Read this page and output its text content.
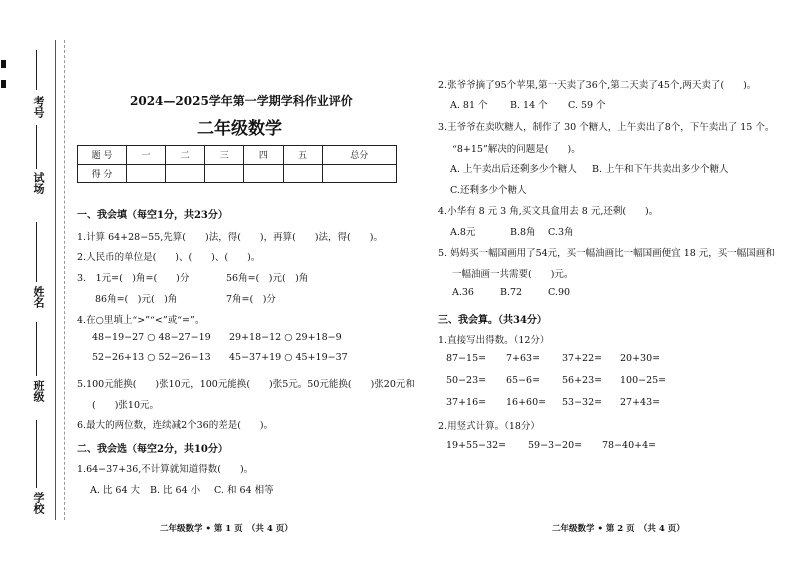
考号
试场
姓名
班级
学校
2024—2025学年第一学期学科作业评价
二年级数学
题 号	一	二	三	四	五	总分
得 分						
一、我会填（每空1分，共23分）
1.计算 64+28−55,先算(　　)法，得(　　)，再算(　　)法，得(　　)。
2.人民币的单位是(　　)、(　　)、(　　)。
3.　1元=(　)角=(　　)分	56角=(　)元(　)角
86角=(　)元(　)角	7角=(　)分
4.在○里填上“>”“<”或“=”。
48−19−27 ○ 48−27−19 29+18−12 ○ 29+18−9
52−26+13 ○ 52−26−13 45−37+19 ○ 45+19−37
5.100元能换(　　)张10元，100元能换(　　)张5元。50元能换(　　)张20元和
(　　)张10元。
6.最大的两位数，连续减2个36的差是(　　)。
二、我会选（每空2分，共10分）
1.64−37+36,不计算就知道得数(　　)。
A. 比 64 大 B. 比 64 小 C. 和 64 相等
二年级数学 • 第 1 页　（共 4 页）
2.张爷爷摘了95个苹果,第一天卖了36个,第二天卖了45个,两天卖了(　　)。
A. 81 个 B. 14 个 C. 59 个
3.王爷爷在卖吹糖人，制作了 30 个糖人，上午卖出了8个，下午卖出了 15 个。
“8+15”解决的问题是(　　)。
A. 上午卖出后还剩多少个糖人 B. 上午和下午共卖出多少个糖人
C.还剩多少个糖人
4.小华有 8 元 3 角,买文具盒用去 8 元,还剩(　　)。
A.8元	B.8角 C.3角
5. 妈妈买一幅国画用了54元，买一幅油画比一幅国画便宜 18 元，买一幅国画和
一幅油画一共需要(　　)元。
A.36	B.72	C.90
三、我会算。（共34分）
1.直接写出得数。（12分）
87−15= 7+63= 37+22= 20+30=
50−23= 65−6= 56+23= 100−25=
37+16= 16+60= 53−32= 27+43=
2.用竖式计算。（18分）
19+55−32= 59−3−20= 78−40+4=
二年级数学 • 第 2 页　（共 4 页）
